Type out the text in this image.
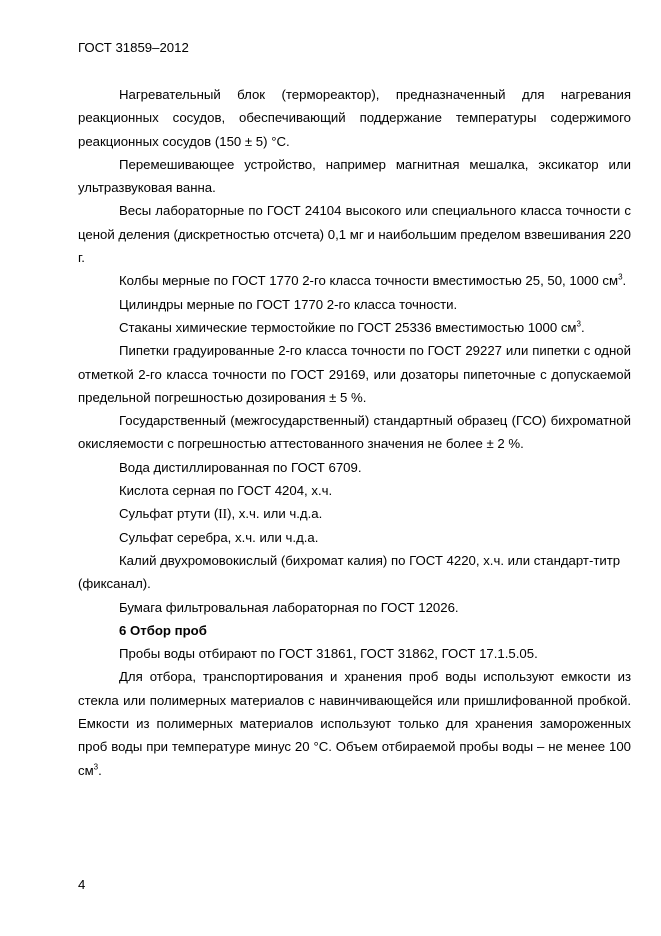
ГОСТ 31859–2012

Нагревательный блок (термореактор), предназначенный для нагревания реакционных сосудов, обеспечивающий поддержание температуры содержимого реакционных сосудов (150 ± 5) °С.

Перемешивающее устройство, например магнитная мешалка, эксикатор или ультразвуковая ванна.

Весы лабораторные по ГОСТ 24104 высокого или специального класса точности с ценой деления (дискретностью отсчета) 0,1 мг и наибольшим пределом взвешивания 220 г.

Колбы мерные по ГОСТ 1770 2-го класса точности вместимостью 25, 50, 1000 $см^3$.

Цилиндры мерные по ГОСТ 1770 2-го класса точности.

Стаканы химические термостойкие по ГОСТ 25336 вместимостью 1000 $см^3$.

Пипетки градуированные 2-го класса точности по ГОСТ 29227 или пипетки с одной отметкой 2-го класса точности по ГОСТ 29169, или дозаторы пипеточные с допускаемой предельной погрешностью дозирования ± 5 %.

Государственный (межгосударственный) стандартный образец (ГСО) бихроматной окисляемости с погрешностью аттестованного значения не более ± 2 %.

Вода дистиллированная по ГОСТ 6709.

Кислота серная по ГОСТ 4204, х.ч.

Сульфат ртути (II), х.ч. или ч.д.а.

Сульфат серебра, х.ч. или ч.д.а.

Калий двухромовокислый (бихромат калия) по ГОСТ 4220, х.ч. или стандарт-титр (фиксанал).

Бумага фильтровальная лабораторная по ГОСТ 12026.

6 Отбор проб

Пробы воды отбирают по ГОСТ 31861, ГОСТ 31862, ГОСТ 17.1.5.05.

Для отбора, транспортирования и хранения проб воды используют емкости из стекла или полимерных материалов с навинчивающейся или пришлифованной пробкой. Емкости из полимерных материалов используют только для хранения замороженных проб воды при температуре минус 20 °С. Объем отбираемой пробы воды – не менее 100 $см^3$.

4
